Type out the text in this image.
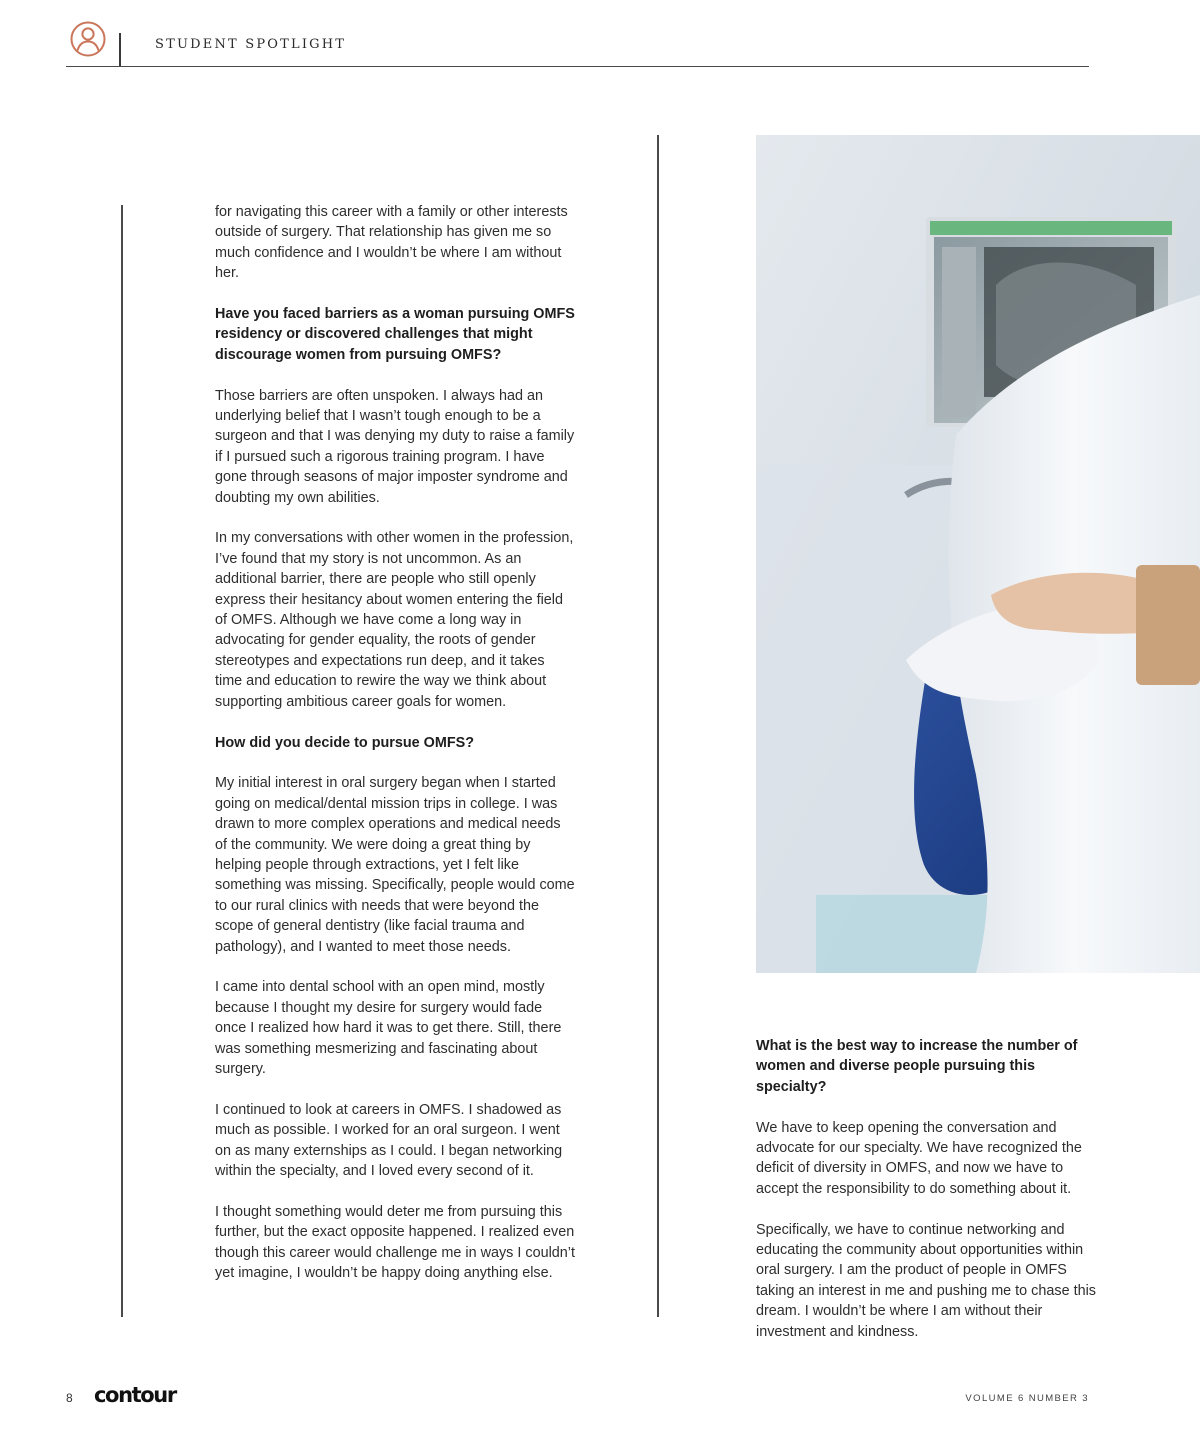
STUDENT SPOTLIGHT

for navigating this career with a family or other interests outside of surgery. That relationship has given me so much confidence and I wouldn’t be where I am without her.

Have you faced barriers as a woman pursuing OMFS residency or discovered challenges that might discourage women from pursuing OMFS?

Those barriers are often unspoken. I always had an underlying belief that I wasn’t tough enough to be a surgeon and that I was denying my duty to raise a family if I pursued such a rigorous training program. I have gone through seasons of major imposter syndrome and doubting my own abilities.

In my conversations with other women in the profession, I’ve found that my story is not uncommon. As an additional barrier, there are people who still openly express their hesitancy about women entering the field of OMFS. Although we have come a long way in advocating for gender equality, the roots of gender stereotypes and expectations run deep, and it takes time and education to rewire the way we think about supporting ambitious career goals for women.

How did you decide to pursue OMFS?

My initial interest in oral surgery began when I started going on medical/dental mission trips in college. I was drawn to more complex operations and medical needs of the community. We were doing a great thing by helping people through extractions, yet I felt like something was missing. Specifically, people would come to our rural clinics with needs that were beyond the scope of general dentistry (like facial trauma and pathology), and I wanted to meet those needs.

I came into dental school with an open mind, mostly because I thought my desire for surgery would fade once I realized how hard it was to get there. Still, there was something mesmerizing and fascinating about surgery.

I continued to look at careers in OMFS. I shadowed as much as possible. I worked for an oral surgeon. I went on as many externships as I could. I began networking within the specialty, and I loved every second of it.

I thought something would deter me from pursuing this further, but the exact opposite happened. I realized even though this career would challenge me in ways I couldn’t yet imagine, I wouldn’t be happy doing anything else.

What is the best way to increase the number of women and diverse people pursuing this specialty?

We have to keep opening the conversation and advocate for our specialty. We have recognized the deficit of diversity in OMFS, and now we have to accept the responsibility to do something about it.

Specifically, we have to continue networking and educating the community about opportunities within oral surgery. I am the product of people in OMFS taking an interest in me and pushing me to chase this dream. I wouldn’t be where I am without their investment and kindness.

8 contour	VOLUME 6 NUMBER 3
